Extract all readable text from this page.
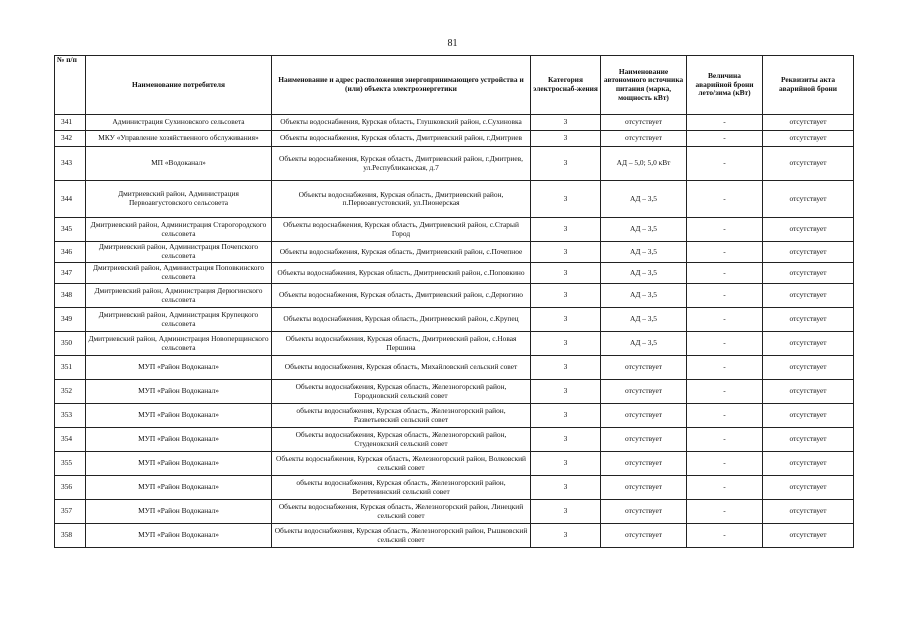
81
№ п/п	Наименование потребителя	Наименование и адрес расположения энергопринимающего устройства и (или) объекта электроэнергетики	Категория электроснаб-жения	Наименование автономного источника питания (марка, мощность кВт)	Величина аварийной брони лето/зима (кВт)	Реквизиты акта аварийной брони
341	Администрация Сухиновского сельсовета	Объекты водоснабжения, Курская область, Глушковский район, с.Сухиновка	3	отсутствует	-	отсутствует
342	МКУ «Управление хозяйственного обслуживания»	Объекты водоснабжения, Курская область, Дмитриевский район, г.Дмитриев	3	отсутствует	-	отсутствует
343	МП «Водоканал»	Объекты водоснабжения, Курская область, Дмитриевский район, г.Дмитриев, ул.Республиканская, д.7	3	АД – 5,0; 5,0 кВт	-	отсутствует
344	Дмитриевский район, Администрация Первоавгустовского сельсовета	Объекты водоснабжения, Курская область, Дмитриевский район, п.Первоавгустовский, ул.Пионерская	3	АД – 3,5	-	отсутствует
345	Дмитриевский район, Администрация Старогородского сельсовета	Объекты водоснабжения, Курская область, Дмитриевский район, с.Старый Город	3	АД – 3,5	-	отсутствует
346	Дмитриевский район, Администрация Почепского сельсовета	Объекты водоснабжения, Курская область, Дмитриевский район, с.Почепное	3	АД – 3,5	-	отсутствует
347	Дмитриевский район, Администрация Поповкинского сельсовета	Объекты водоснабжения, Курская область, Дмитриевский район, с.Поповкино	3	АД – 3,5	-	отсутствует
348	Дмитриевский район, Администрация Дерюгинского сельсовета	Объекты водоснабжения, Курская область, Дмитриевский район, с.Дерюгино	3	АД – 3,5	-	отсутствует
349	Дмитриевский район, Администрация Крупецкого сельсовета	Объекты водоснабжения, Курская область, Дмитриевский район, с.Крупец	3	АД – 3,5	-	отсутствует
350	Дмитриевский район, Администрация Новоперщинского сельсовета	Объекты водоснабжения, Курская область, Дмитриевский район, с.Новая Першина	3	АД – 3,5	-	отсутствует
351	МУП «Район Водоканал»	Объекты водоснабжения, Курская область, Михайловский сельский совет	3	отсутствует	-	отсутствует
352	МУП «Район Водоканал»	Объекты водоснабжения, Курская область, Железногорский район, Городновский сельский совет	3	отсутствует	-	отсутствует
353	МУП «Район Водоканал»	объекты водоснабжения, Курская область, Железногорский район, Разветьевский сельский совет	3	отсутствует	-	отсутствует
354	МУП «Район Водоканал»	Объекты водоснабжения, Курская область, Железногорский район, Студенокский сельский совет	3	отсутствует	-	отсутствует
355	МУП «Район Водоканал»	Объекты водоснабжения, Курская область, Железногорский район, Волковский сельский совет	3	отсутствует	-	отсутствует
356	МУП «Район Водоканал»	объекты водоснабжения, Курская область, Железногорский район, Веретенинский сельский совет	3	отсутствует	-	отсутствует
357	МУП «Район Водоканал»	Объекты водоснабжения, Курская область, Железногорский район, Линецкий сельский совет	3	отсутствует	-	отсутствует
358	МУП «Район Водоканал»	Объекты водоснабжения, Курская область, Железногорский район, Рышковский сельский совет	3	отсутствует	-	отсутствует
